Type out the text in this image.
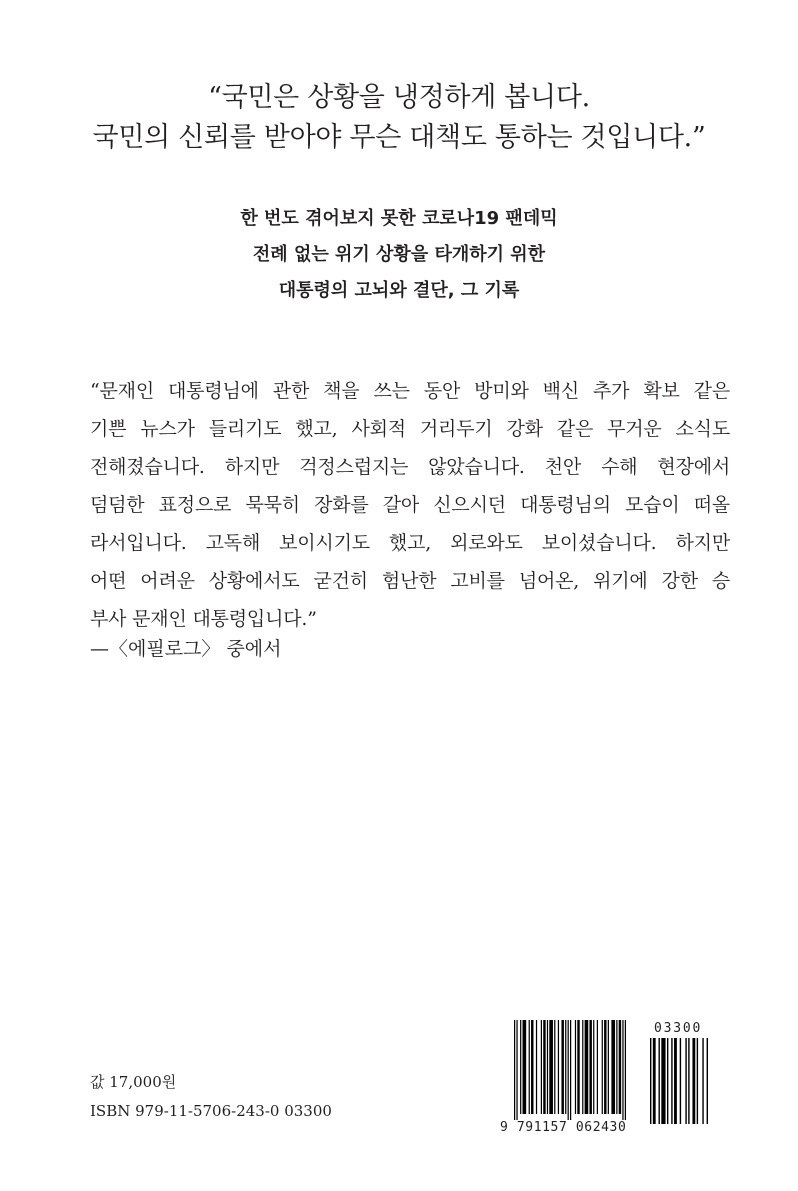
“국민은 상황을 냉정하게 봅니다.
국민의 신뢰를 받아야 무슨 대책도 통하는 것입니다.”
한 번도 겪어보지 못한 코로나19 팬데믹
전례 없는 위기 상황을 타개하기 위한
대통령의 고뇌와 결단, 그 기록
“문재인 대통령님에 관한 책을 쓰는 동안 방미와 백신 추가 확보 같은
기쁜 뉴스가 들리기도 했고, 사회적 거리두기 강화 같은 무거운 소식도
전해졌습니다. 하지만 걱정스럽지는 않았습니다. 천안 수해 현장에서
덤덤한 표정으로 묵묵히 장화를 갈아 신으시던 대통령님의 모습이 떠올
라서입니다. 고독해 보이시기도 했고, 외로와도 보이셨습니다. 하지만
어떤 어려운 상황에서도 굳건히 험난한 고비를 넘어온, 위기에 강한 승
부사 문재인 대통령입니다.”
—〈에필로그〉 중에서
값 17,000원
ISBN 979-11-5706-243-0 03300
9 791157 062430
03300
